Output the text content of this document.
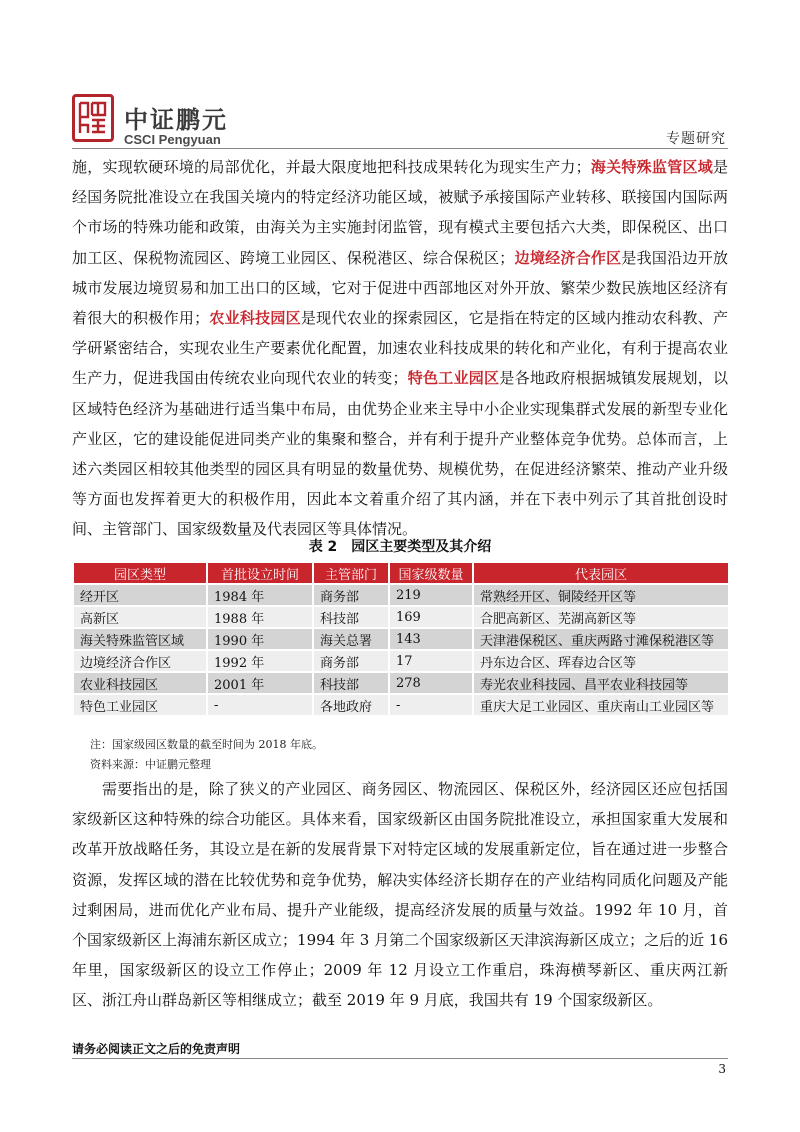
中证鹏元
CSCI Pengyuan	专题研究

施，实现软硬环境的局部优化，并最大限度地把科技成果转化为现实生产力；海关特殊监管区域是经国务院批准设立在我国关境内的特定经济功能区域，被赋予承接国际产业转移、联接国内国际两个市场的特殊功能和政策，由海关为主实施封闭监管，现有模式主要包括六大类，即保税区、出口加工区、保税物流园区、跨境工业园区、保税港区、综合保税区；边境经济合作区是我国沿边开放城市发展边境贸易和加工出口的区域，它对于促进中西部地区对外开放、繁荣少数民族地区经济有着很大的积极作用；农业科技园区是现代农业的探索园区，它是指在特定的区域内推动农科教、产学研紧密结合，实现农业生产要素优化配置，加速农业科技成果的转化和产业化，有利于提高农业生产力，促进我国由传统农业向现代农业的转变；特色工业园区是各地政府根据城镇发展规划，以区域特色经济为基础进行适当集中布局，由优势企业来主导中小企业实现集群式发展的新型专业化产业区，它的建设能促进同类产业的集聚和整合，并有利于提升产业整体竞争优势。总体而言，上述六类园区相较其他类型的园区具有明显的数量优势、规模优势，在促进经济繁荣、推动产业升级等方面也发挥着更大的积极作用，因此本文着重介绍了其内涵，并在下表中列示了其首批创设时间、主管部门、国家级数量及代表园区等具体情况。

表 2　园区主要类型及其介绍
园区类型	首批设立时间	主管部门	国家级数量	代表园区
经开区	1984 年	商务部	219	常熟经开区、铜陵经开区等
高新区	1988 年	科技部	169	合肥高新区、芜湖高新区等
海关特殊监管区域	1990 年	海关总署	143	天津港保税区、重庆两路寸滩保税港区等
边境经济合作区	1992 年	商务部	17	丹东边合区、珲春边合区等
农业科技园区	2001 年	科技部	278	寿光农业科技园、昌平农业科技园等
特色工业园区	-	各地政府	-	重庆大足工业园区、重庆南山工业园区等
注：国家级园区数量的截至时间为 2018 年底。
资料来源：中证鹏元整理

需要指出的是，除了狭义的产业园区、商务园区、物流园区、保税区外，经济园区还应包括国家级新区这种特殊的综合功能区。具体来看，国家级新区由国务院批准设立，承担国家重大发展和改革开放战略任务，其设立是在新的发展背景下对特定区域的发展重新定位，旨在通过进一步整合资源，发挥区域的潜在比较优势和竞争优势，解决实体经济长期存在的产业结构同质化问题及产能过剩困局，进而优化产业布局、提升产业能级，提高经济发展的质量与效益。1992 年 10 月，首个国家级新区上海浦东新区成立；1994 年 3 月第二个国家级新区天津滨海新区成立；之后的近 16 年里，国家级新区的设立工作停止；2009 年 12 月设立工作重启，珠海横琴新区、重庆两江新区、浙江舟山群岛新区等相继成立；截至 2019 年 9 月底，我国共有 19 个国家级新区。

请务必阅读正文之后的免责声明
3
